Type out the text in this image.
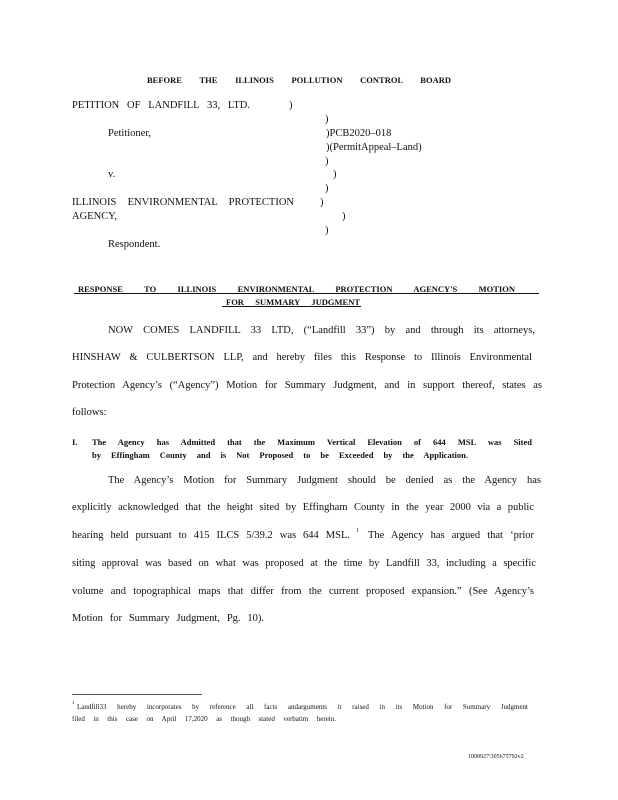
BEFORE THE ILLINOIS POLLUTION CONTROL BOARD
PETITION OF LANDFILL 33, LTD.	)
)
Petitioner,	)PCB2020–018
)(PermitAppeal–Land)
)
v.	)
)
ILLINOIS ENVIRONMENTAL PROTECTION )
AGENCY,	)
)
Respondent.
RESPONSE TO ILLINOIS ENVIRONMENTAL PROTECTION AGENCY'S MOTION
FOR SUMMARY JUDGMENT
NOW COMES LANDFILL 33 LTD, (“Landfill 33”) by and through its attorneys,
HINSHAW & CULBERTSON LLP, and hereby files this Response to Illinois Environmental
Protection Agency’s (“Agency”) Motion for Summary Judgment, and in support thereof, states as
follows:
I. The Agency has Admitted that the Maximum Vertical Elevation of 644 MSL was Sited
by Effingham County and is Not Proposed to be Exceeded by the Application.
The Agency’s Motion for Summary Judgment should be denied as the Agency has
explicitly acknowledged that the height sited by Effingham County in the year 2000 via a public
hearing held pursuant to 415 ILCS 5/39.2 was 644 MSL. 1 The Agency has argued that ‘prior
siting approval was based on what was proposed at the time by Landfill 33, including a specific
volume and topographical maps that differ from the current proposed expansion.” (See Agency’s
Motion for Summary Judgment, Pg. 10).
1 Landfill33 hereby incorporates by reference all facts andarguments it raised in its Motion for Summary Judgment
filed in this case on April 17,2020 as though stated verbatim herein.
1008927\305675792v2
